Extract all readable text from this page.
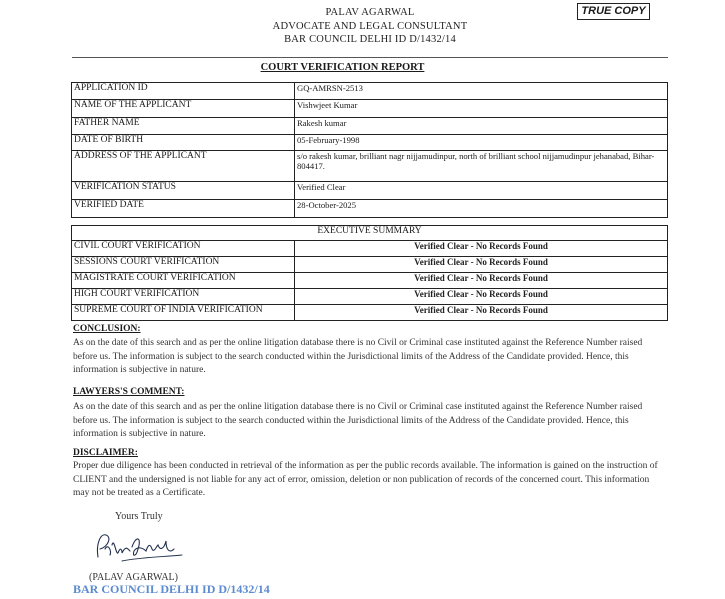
PALAV AGARWAL
ADVOCATE AND LEGAL CONSULTANT
BAR COUNCIL DELHI ID D/1432/14
TRUE COPY
COURT VERIFICATION REPORT
APPLICATION ID	GQ-AMRSN-2513
NAME OF THE APPLICANT	Vishwjeet Kumar
FATHER NAME	Rakesh kumar
DATE OF BIRTH	05-February-1998
ADDRESS OF THE APPLICANT	s/o rakesh kumar, brilliant nagr nijjamudinpur, north of brilliant school nijjamudinpur jehanabad, Bihar-804417.
VERIFICATION STATUS	Verified Clear
VERIFIED DATE	28-October-2025
EXECUTIVE SUMMARY	
CIVIL COURT VERIFICATION	Verified Clear - No Records Found
SESSIONS COURT VERIFICATION	Verified Clear - No Records Found
MAGISTRATE COURT VERIFICATION	Verified Clear - No Records Found
HIGH COURT VERIFICATION	Verified Clear - No Records Found
SUPREME COURT OF INDIA VERIFICATION	Verified Clear - No Records Found
CONCLUSION:
As on the date of this search and as per the online litigation database there is no Civil or Criminal case instituted against the Reference Number raised before us. The information is subject to the search conducted within the Jurisdictional limits of the Address of the Candidate provided. Hence, this information is subjective in nature.
LAWYERS'S COMMENT:
As on the date of this search and as per the online litigation database there is no Civil or Criminal case instituted against the Reference Number raised before us. The information is subject to the search conducted within the Jurisdictional limits of the Address of the Candidate provided. Hence, this information is subjective in nature.
DISCLAIMER:
Proper due diligence has been conducted in retrieval of the information as per the public records available. The information is gained on the instruction of CLIENT and the undersigned is not liable for any act of error, omission, deletion or non publication of records of the concerned court. This information may not be treated as a Certificate.
Yours Truly
(PALAV AGARWAL)
BAR COUNCIL DELHI ID D/1432/14
